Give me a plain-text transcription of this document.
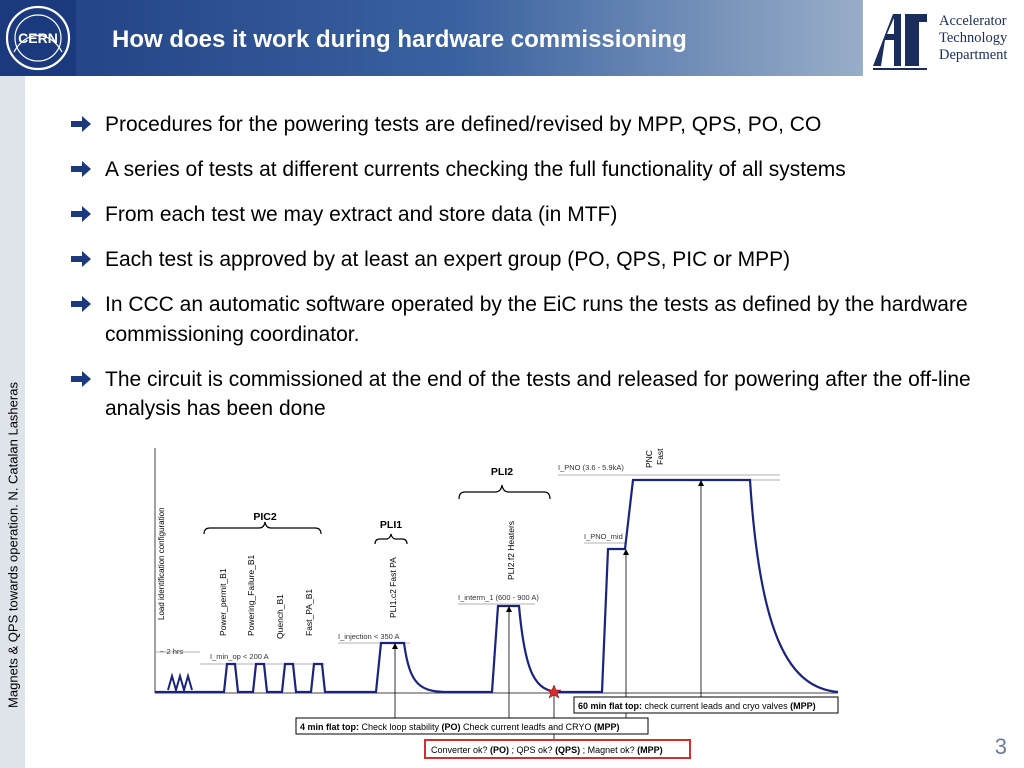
CERN How does it work during hardware commissioning
Accelerator
Technology
Department
Magnets & QPS towards operation. N. Catalan Lasheras
Procedures for the powering tests are defined/revised by MPP, QPS, PO, CO
A series of tests at different currents checking the full functionality of all systems
From each test we may extract and store data (in MTF)
Each test is approved by at least an expert group (PO, QPS, PIC or MPP)
In CCC an automatic software operated by the EiC runs the tests as defined by the hardware commissioning coordinator.
The circuit is commissioned at the end of the tests and released for powering after the off-line analysis has been done
Load identification configuration
~ 2 hrs
I_min_op < 200 A
PIC2
Power_permit_B1 Powering_Failure_B1 Quench_B1 Fast_PA_B1
PLI1
PLI1.c2 Fast PA
I_injection < 350 A
PLI2
PLI2.f2 Heaters
I_interm_1 (600 - 900 A)
PNC Fast
I_PNO (3.6 - 5.9kA)
I_PNO_mid
60 min flat top: check current leads and cryo valves (MPP)
4 min flat top: Check loop stability (PO) Check current leadfs and CRYO (MPP)
Converter ok? (PO) ; QPS ok? (QPS) ; Magnet ok? (MPP)	3
